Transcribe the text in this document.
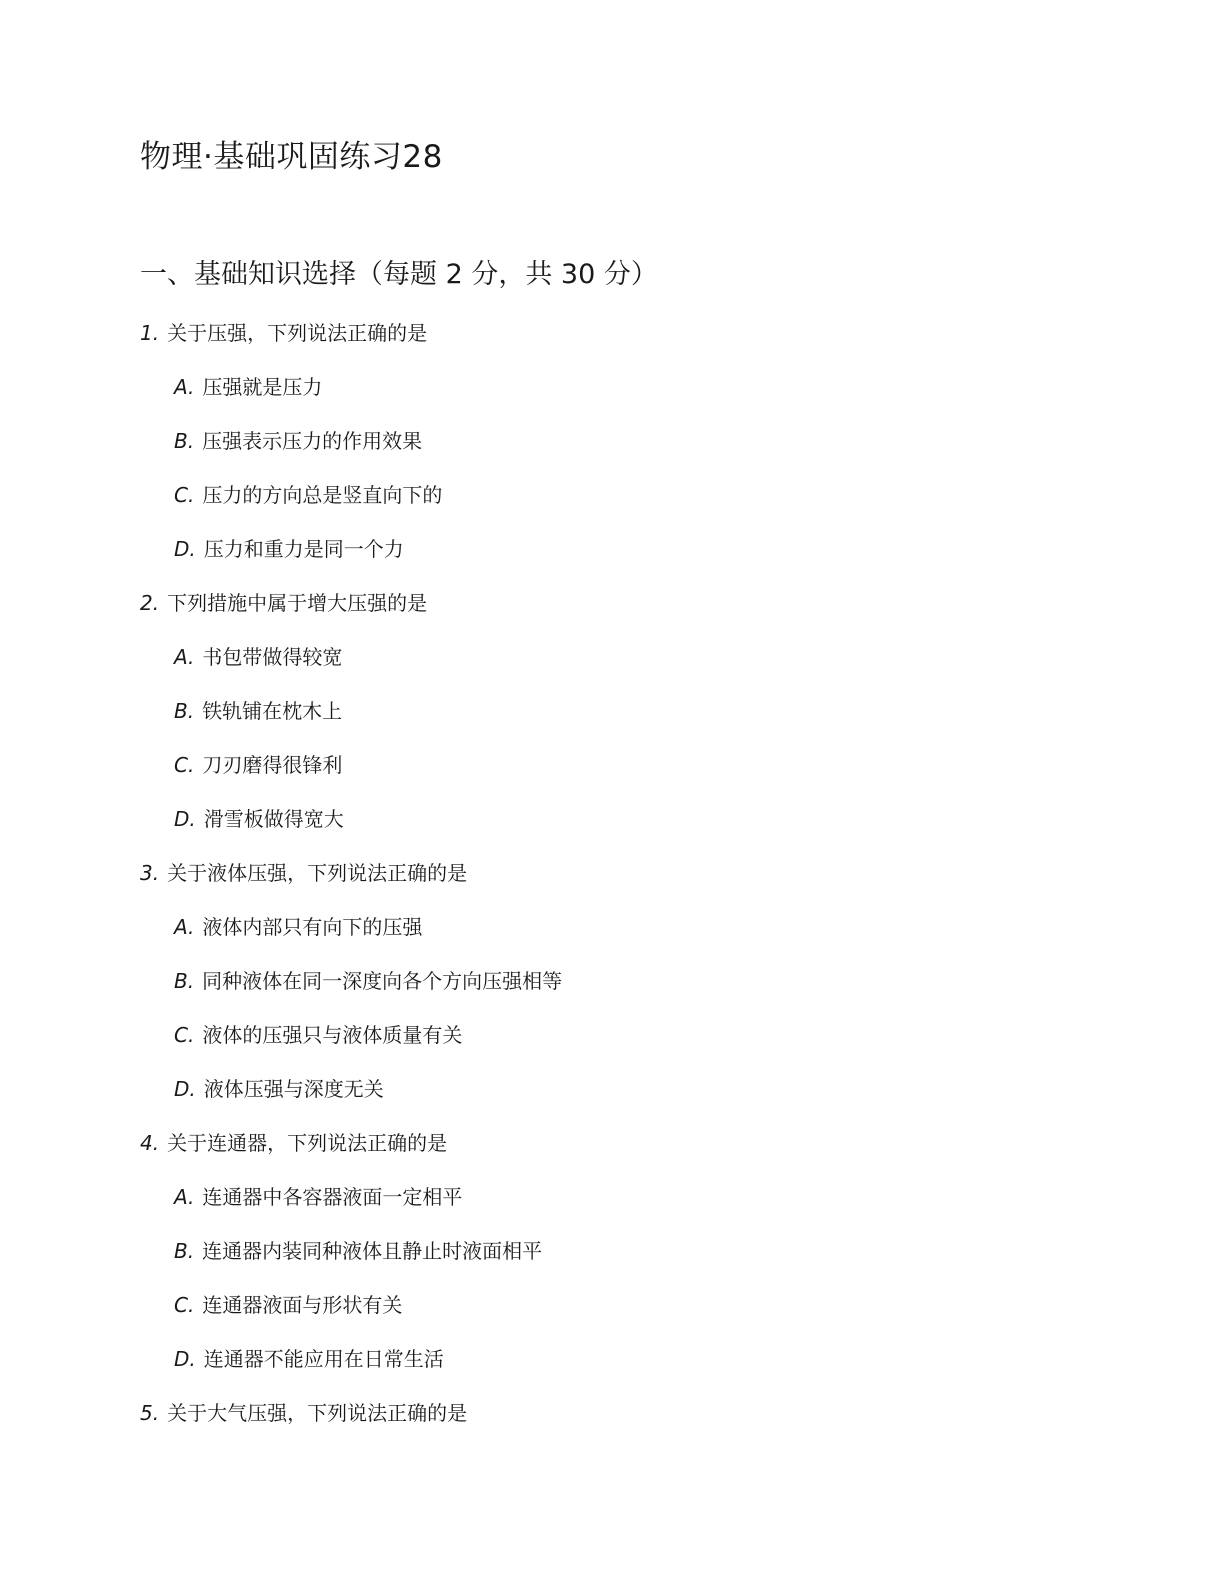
物理·基础巩固练习28
一、基础知识选择（每题 2 分，共 30 分）
1. 关于压强，下列说法正确的是
A. 压强就是压力
B. 压强表示压力的作用效果
C. 压力的方向总是竖直向下的
D. 压力和重力是同一个力
2. 下列措施中属于增大压强的是
A. 书包带做得较宽
B. 铁轨铺在枕木上
C. 刀刃磨得很锋利
D. 滑雪板做得宽大
3. 关于液体压强，下列说法正确的是
A. 液体内部只有向下的压强
B. 同种液体在同一深度向各个方向压强相等
C. 液体的压强只与液体质量有关
D. 液体压强与深度无关
4. 关于连通器，下列说法正确的是
A. 连通器中各容器液面一定相平
B. 连通器内装同种液体且静止时液面相平
C. 连通器液面与形状有关
D. 连通器不能应用在日常生活
5. 关于大气压强，下列说法正确的是
